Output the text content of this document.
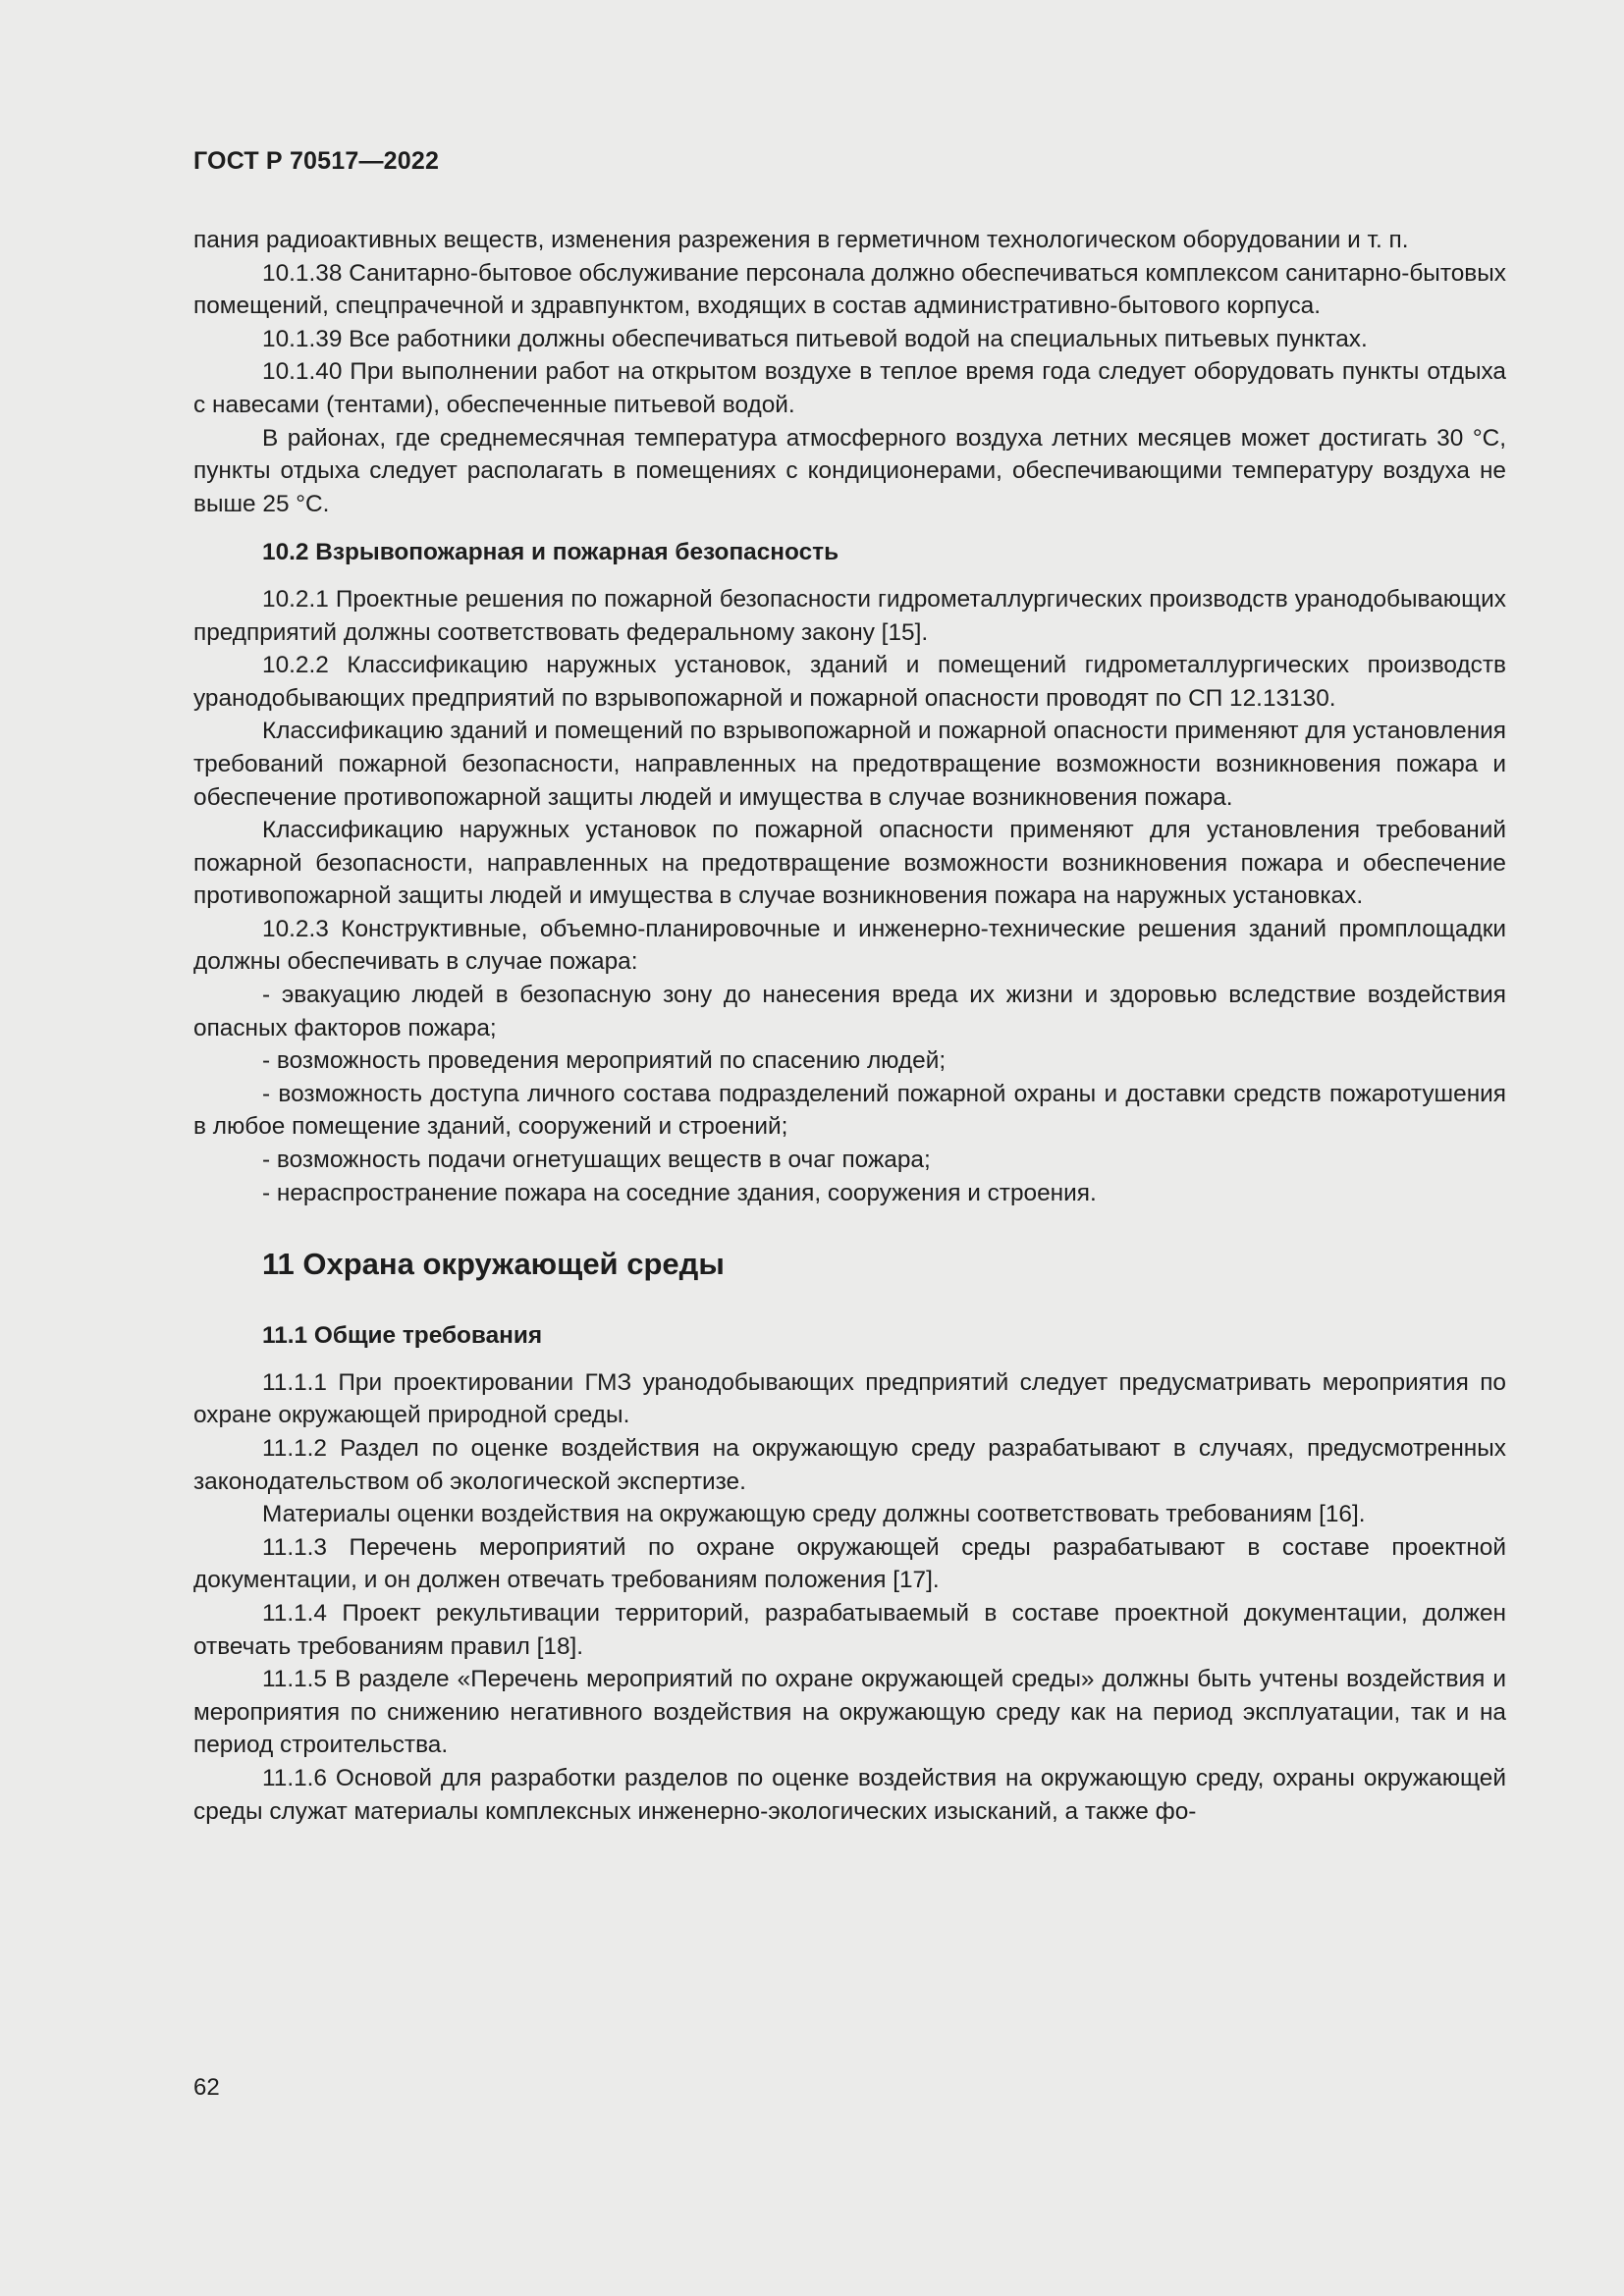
ГОСТ Р 70517—2022

пания радиоактивных веществ, изменения разрежения в герметичном технологическом оборудовании и т. п.

10.1.38 Санитарно-бытовое обслуживание персонала должно обеспечиваться комплексом санитарно-бытовых помещений, спецпрачечной и здравпунктом, входящих в состав административно-бытового корпуса.

10.1.39 Все работники должны обеспечиваться питьевой водой на специальных питьевых пунктах.

10.1.40 При выполнении работ на открытом воздухе в теплое время года следует оборудовать пункты отдыха с навесами (тентами), обеспеченные питьевой водой.

В районах, где среднемесячная температура атмосферного воздуха летних месяцев может достигать 30 °С, пункты отдыха следует располагать в помещениях с кондиционерами, обеспечивающими температуру воздуха не выше 25 °С.

10.2 Взрывопожарная и пожарная безопасность

10.2.1 Проектные решения по пожарной безопасности гидрометаллургических производств уранодобывающих предприятий должны соответствовать федеральному закону [15].

10.2.2 Классификацию наружных установок, зданий и помещений гидрометаллургических производств уранодобывающих предприятий по взрывопожарной и пожарной опасности проводят по СП 12.13130.

Классификацию зданий и помещений по взрывопожарной и пожарной опасности применяют для установления требований пожарной безопасности, направленных на предотвращение возможности возникновения пожара и обеспечение противопожарной защиты людей и имущества в случае возникновения пожара.

Классификацию наружных установок по пожарной опасности применяют для установления требований пожарной безопасности, направленных на предотвращение возможности возникновения пожара и обеспечение противопожарной защиты людей и имущества в случае возникновения пожара на наружных установках.

10.2.3 Конструктивные, объемно-планировочные и инженерно-технические решения зданий промплощадки должны обеспечивать в случае пожара:

- эвакуацию людей в безопасную зону до нанесения вреда их жизни и здоровью вследствие воздействия опасных факторов пожара;

- возможность проведения мероприятий по спасению людей;

- возможность доступа личного состава подразделений пожарной охраны и доставки средств пожаротушения в любое помещение зданий, сооружений и строений;

- возможность подачи огнетушащих веществ в очаг пожара;

- нераспространение пожара на соседние здания, сооружения и строения.

11 Охрана окружающей среды

11.1 Общие требования

11.1.1 При проектировании ГМЗ уранодобывающих предприятий следует предусматривать мероприятия по охране окружающей природной среды.

11.1.2 Раздел по оценке воздействия на окружающую среду разрабатывают в случаях, предусмотренных законодательством об экологической экспертизе.

Материалы оценки воздействия на окружающую среду должны соответствовать требованиям [16].

11.1.3 Перечень мероприятий по охране окружающей среды разрабатывают в составе проектной документации, и он должен отвечать требованиям положения [17].

11.1.4 Проект рекультивации территорий, разрабатываемый в составе проектной документации, должен отвечать требованиям правил [18].

11.1.5 В разделе «Перечень мероприятий по охране окружающей среды» должны быть учтены воздействия и мероприятия по снижению негативного воздействия на окружающую среду как на период эксплуатации, так и на период строительства.

11.1.6 Основой для разработки разделов по оценке воздействия на окружающую среду, охраны окружающей среды служат материалы комплексных инженерно-экологических изысканий, а также фо-

62
